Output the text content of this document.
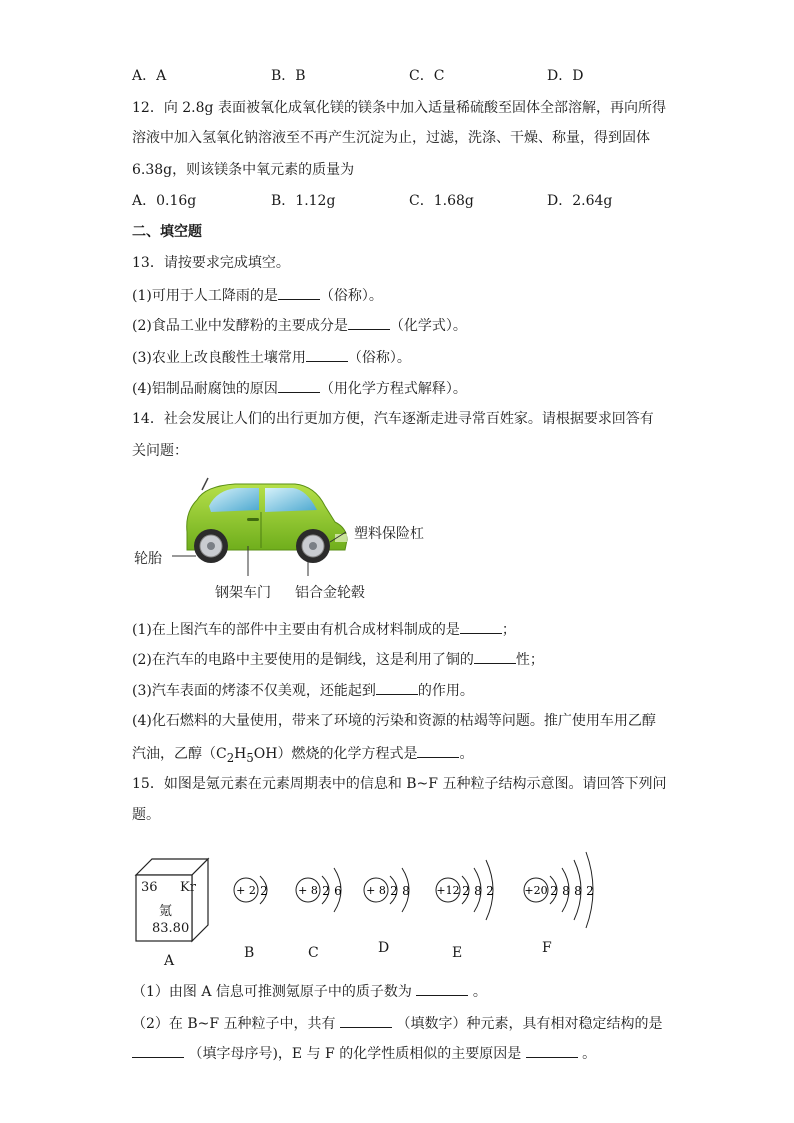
A．A	B．B	C．C	D．D
12．向 2.8g 表面被氧化成氧化镁的镁条中加入适量稀硫酸至固体全部溶解，再向所得
溶液中加入氢氧化钠溶液至不再产生沉淀为止，过滤，洗涤、干燥、称量，得到固体
6.38g，则该镁条中氧元素的质量为
A．0.16g	B．1.12g	C．1.68g	D．2.64g
二、填空题
13．请按要求完成填空。
(1)可用于人工降雨的是	（俗称）。
(2)食品工业中发酵粉的主要成分是	（化学式）。
(3)农业上改良酸性土壤常用	（俗称）。
(4)铝制品耐腐蚀的原因	（用化学方程式解释）。
14．社会发展让人们的出行更加方便，汽车逐渐走进寻常百姓家。请根据要求回答有
关问题：
塑料保险杠
轮胎
钢架车门 铝合金轮毂
(1)在上图汽车的部件中主要由有机合成材料制成的是	；
(2)在汽车的电路中主要使用的是铜线，这是利用了铜的	性；
(3)汽车表面的烤漆不仅美观，还能起到	的作用。
(4)化石燃料的大量使用，带来了环境的污染和资源的枯竭等问题。推广使用车用乙醇
汽油，乙醇$(C_2H_5OH)$燃烧的化学方程式是	。
15．如图是氪元素在元素周期表中的信息和 B~F 五种粒子结构示意图。请回答下列问
题。
36 Kr
氪
83.80
A
+ 2 2
B
+ 8 2 6
C
+ 8 2 8
D
+12 2 8 2
E
+20 2 8 8 2
F
（1）由图 A 信息可推测氪原子中的质子数为	。
（2）在 B~F 五种粒子中，共有	（填数字）种元素，具有相对稳定结构的是
（填字母序号)，E 与 F 的化学性质相似的主要原因是	。
